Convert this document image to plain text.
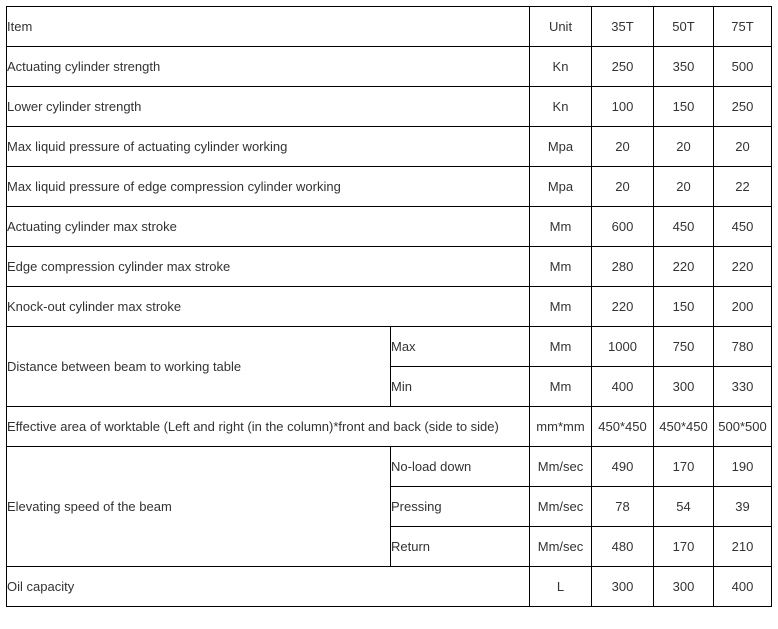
Item		Unit	35T	50T	75T
Actuating cylinder strength		Kn	250	350	500
Lower cylinder strength		Kn	100	150	250
Max liquid pressure of actuating cylinder working		Mpa	20	20	20
Max liquid pressure of edge compression cylinder working		Mpa	20	20	22
Actuating cylinder max stroke		Mm	600	450	450
Edge compression cylinder max stroke		Mm	280	220	220
Knock-out cylinder max stroke		Mm	220	150	200
Distance between beam to working table	Max	Mm	1000	750	780
	Min	Mm	400	300	330
Effective area of worktable (Left and right (in the column)*front and back (side to side)		mm*mm	450*450	450*450	500*500
Elevating speed of the beam	No-load down	Mm/sec	490	170	190
	Pressing	Mm/sec	78	54	39
	Return	Mm/sec	480	170	210
Oil capacity		L	300	300	400
